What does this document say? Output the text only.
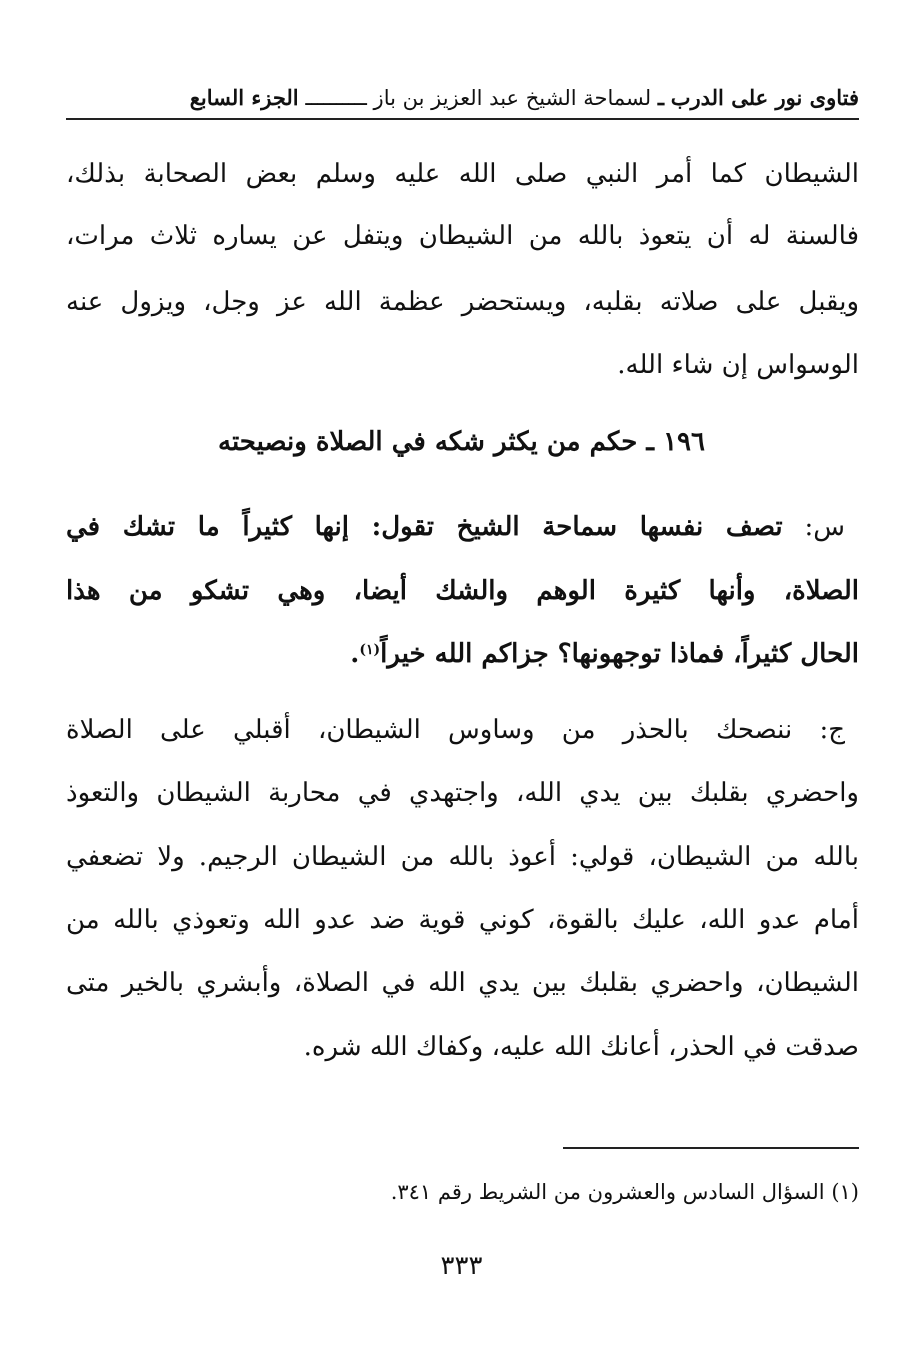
فتاوى نور على الدرب ـ لسماحة الشيخ عبد العزيز بن باز ــــــــــ الجزء السابع
الشيطان كما أمر النبي صلى الله عليه وسلم بعض الصحابة بذلك،
فالسنة له أن يتعوذ بالله من الشيطان ويتفل عن يساره ثلاث مرات،
ويقبل على صلاته بقلبه، ويستحضر عظمة الله عز وجل، ويزول عنه
الوسواس إن شاء الله.
١٩٦ ـ حكم من يكثر شكه في الصلاة ونصيحته
س: تصف نفسها سماحة الشيخ تقول: إنها كثيراً ما تشك في
الصلاة، وأنها كثيرة الوهم والشك أيضا، وهي تشكو من هذا
الحال كثيراً، فماذا توجهونها؟ جزاكم الله خيراً$^{(١)}$.
ج: ننصحك بالحذر من وساوس الشيطان، أقبلي على الصلاة
واحضري بقلبك بين يدي الله، واجتهدي في محاربة الشيطان والتعوذ
بالله من الشيطان، قولي: أعوذ بالله من الشيطان الرجيم. ولا تضعفي
أمام عدو الله، عليك بالقوة، كوني قوية ضد عدو الله وتعوذي بالله من
الشيطان، واحضري بقلبك بين يدي الله في الصلاة، وأبشري بالخير متى
صدقت في الحذر، أعانك الله عليه، وكفاك الله شره.
(١) السؤال السادس والعشرون من الشريط رقم ٣٤١.
٣٣٣
